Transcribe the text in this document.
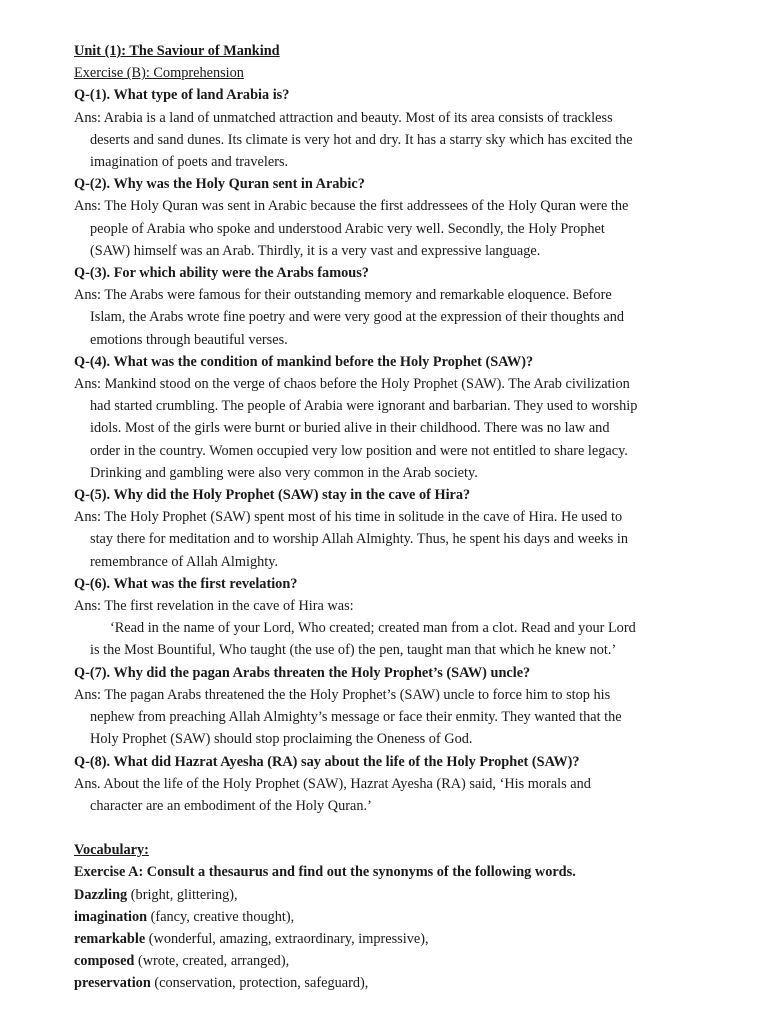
Unit (1): The Saviour of Mankind
Exercise (B): Comprehension
Q-(1). What type of land Arabia is?
Ans: Arabia is a land of unmatched attraction and beauty. Most of its area consists of trackless
deserts and sand dunes. Its climate is very hot and dry. It has a starry sky which has excited the
imagination of poets and travelers.
Q-(2). Why was the Holy Quran sent in Arabic?
Ans: The Holy Quran was sent in Arabic because the first addressees of the Holy Quran were the
people of Arabia who spoke and understood Arabic very well. Secondly, the Holy Prophet
(SAW) himself was an Arab. Thirdly, it is a very vast and expressive language.
Q-(3). For which ability were the Arabs famous?
Ans: The Arabs were famous for their outstanding memory and remarkable eloquence. Before
Islam, the Arabs wrote fine poetry and were very good at the expression of their thoughts and
emotions through beautiful verses.
Q-(4). What was the condition of mankind before the Holy Prophet (SAW)?
Ans: Mankind stood on the verge of chaos before the Holy Prophet (SAW). The Arab civilization
had started crumbling. The people of Arabia were ignorant and barbarian. They used to worship
idols. Most of the girls were burnt or buried alive in their childhood. There was no law and
order in the country. Women occupied very low position and were not entitled to share legacy.
Drinking and gambling were also very common in the Arab society.
Q-(5). Why did the Holy Prophet (SAW) stay in the cave of Hira?
Ans: The Holy Prophet (SAW) spent most of his time in solitude in the cave of Hira. He used to
stay there for meditation and to worship Allah Almighty. Thus, he spent his days and weeks in
remembrance of Allah Almighty.
Q-(6). What was the first revelation?
Ans: The first revelation in the cave of Hira was:
‘Read in the name of your Lord, Who created; created man from a clot. Read and your Lord
is the Most Bountiful, Who taught (the use of) the pen, taught man that which he knew not.’
Q-(7). Why did the pagan Arabs threaten the Holy Prophet’s (SAW) uncle?
Ans: The pagan Arabs threatened the the Holy Prophet’s (SAW) uncle to force him to stop his
nephew from preaching Allah Almighty’s message or face their enmity. They wanted that the
Holy Prophet (SAW) should stop proclaiming the Oneness of God.
Q-(8). What did Hazrat Ayesha (RA) say about the life of the Holy Prophet (SAW)?
Ans. About the life of the Holy Prophet (SAW), Hazrat Ayesha (RA) said, ‘His morals and
character are an embodiment of the Holy Quran.’
Vocabulary:
Exercise A: Consult a thesaurus and find out the synonyms of the following words.
Dazzling (bright, glittering),
imagination (fancy, creative thought),
remarkable (wonderful, amazing, extraordinary, impressive),
composed (wrote, created, arranged),
preservation (conservation, protection, safeguard),
